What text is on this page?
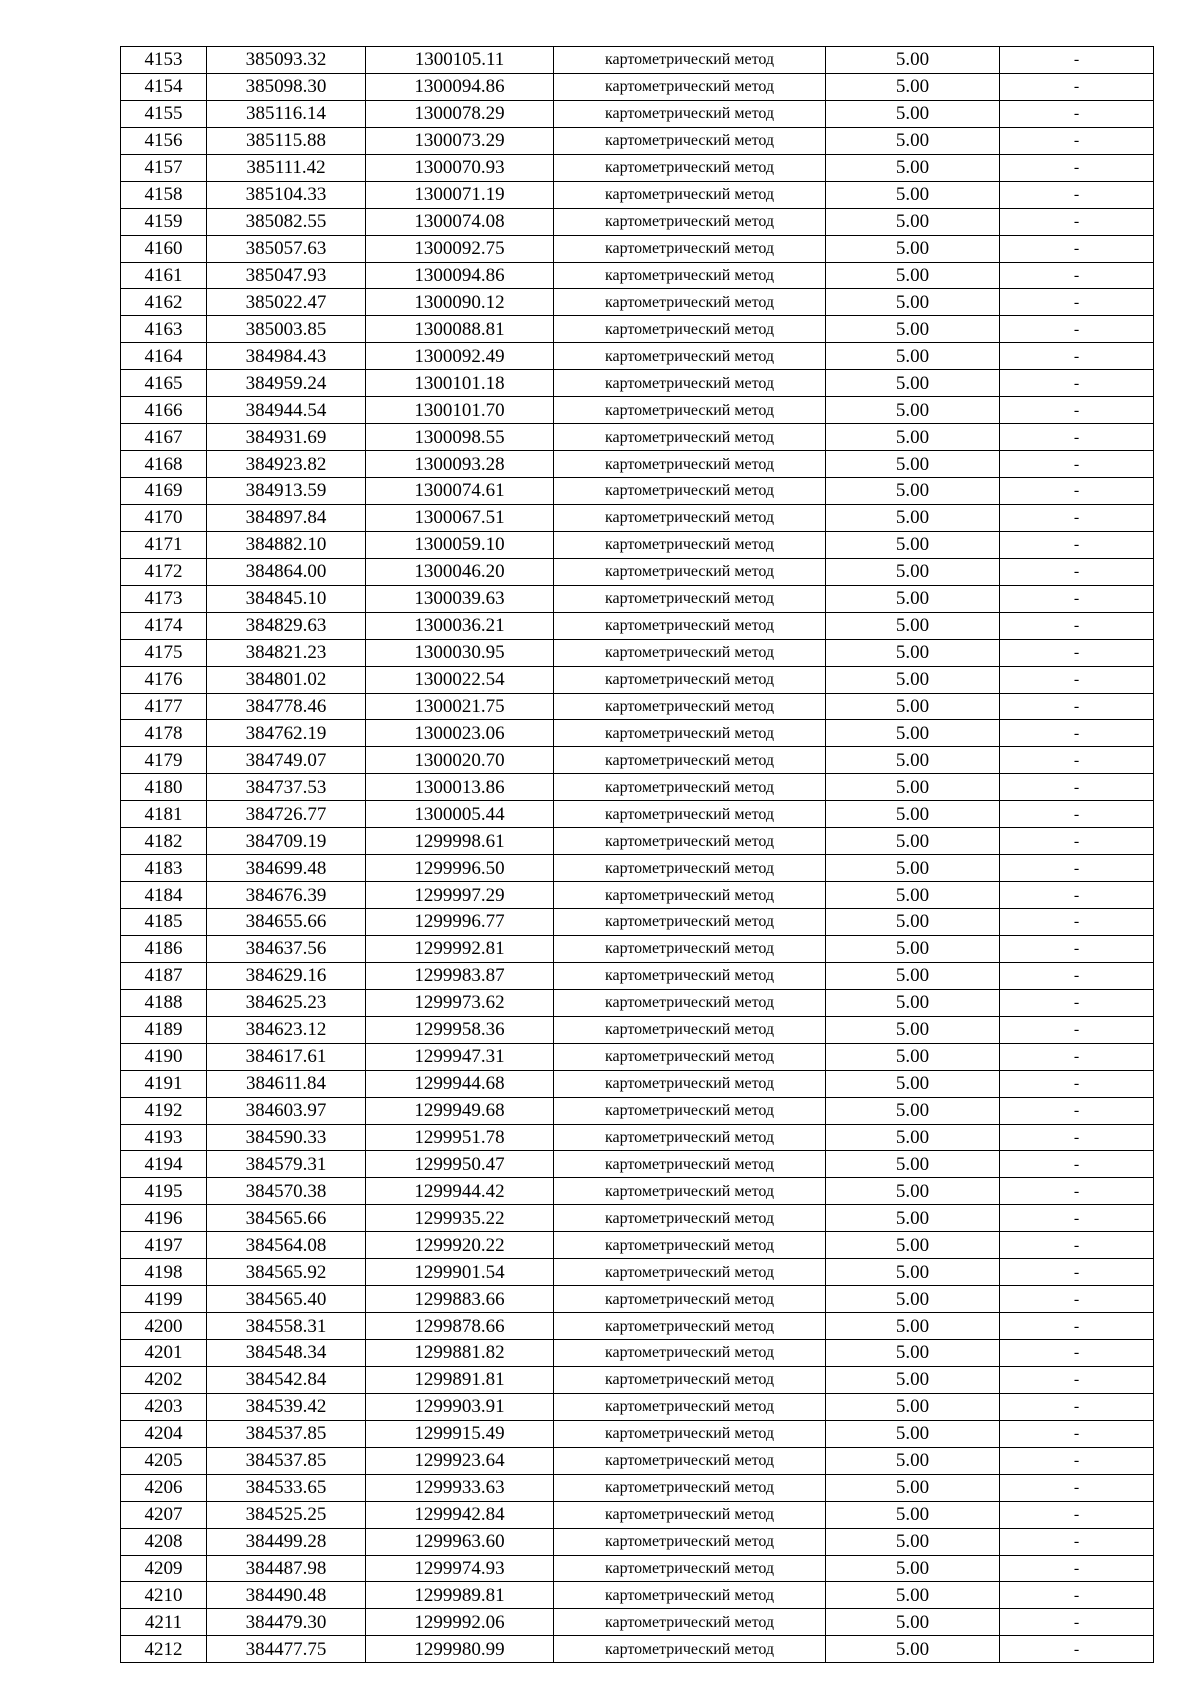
4153	385093.32	1300105.11	картометрический метод	5.00	-
4154	385098.30	1300094.86	картометрический метод	5.00	-
4155	385116.14	1300078.29	картометрический метод	5.00	-
4156	385115.88	1300073.29	картометрический метод	5.00	-
4157	385111.42	1300070.93	картометрический метод	5.00	-
4158	385104.33	1300071.19	картометрический метод	5.00	-
4159	385082.55	1300074.08	картометрический метод	5.00	-
4160	385057.63	1300092.75	картометрический метод	5.00	-
4161	385047.93	1300094.86	картометрический метод	5.00	-
4162	385022.47	1300090.12	картометрический метод	5.00	-
4163	385003.85	1300088.81	картометрический метод	5.00	-
4164	384984.43	1300092.49	картометрический метод	5.00	-
4165	384959.24	1300101.18	картометрический метод	5.00	-
4166	384944.54	1300101.70	картометрический метод	5.00	-
4167	384931.69	1300098.55	картометрический метод	5.00	-
4168	384923.82	1300093.28	картометрический метод	5.00	-
4169	384913.59	1300074.61	картометрический метод	5.00	-
4170	384897.84	1300067.51	картометрический метод	5.00	-
4171	384882.10	1300059.10	картометрический метод	5.00	-
4172	384864.00	1300046.20	картометрический метод	5.00	-
4173	384845.10	1300039.63	картометрический метод	5.00	-
4174	384829.63	1300036.21	картометрический метод	5.00	-
4175	384821.23	1300030.95	картометрический метод	5.00	-
4176	384801.02	1300022.54	картометрический метод	5.00	-
4177	384778.46	1300021.75	картометрический метод	5.00	-
4178	384762.19	1300023.06	картометрический метод	5.00	-
4179	384749.07	1300020.70	картометрический метод	5.00	-
4180	384737.53	1300013.86	картометрический метод	5.00	-
4181	384726.77	1300005.44	картометрический метод	5.00	-
4182	384709.19	1299998.61	картометрический метод	5.00	-
4183	384699.48	1299996.50	картометрический метод	5.00	-
4184	384676.39	1299997.29	картометрический метод	5.00	-
4185	384655.66	1299996.77	картометрический метод	5.00	-
4186	384637.56	1299992.81	картометрический метод	5.00	-
4187	384629.16	1299983.87	картометрический метод	5.00	-
4188	384625.23	1299973.62	картометрический метод	5.00	-
4189	384623.12	1299958.36	картометрический метод	5.00	-
4190	384617.61	1299947.31	картометрический метод	5.00	-
4191	384611.84	1299944.68	картометрический метод	5.00	-
4192	384603.97	1299949.68	картометрический метод	5.00	-
4193	384590.33	1299951.78	картометрический метод	5.00	-
4194	384579.31	1299950.47	картометрический метод	5.00	-
4195	384570.38	1299944.42	картометрический метод	5.00	-
4196	384565.66	1299935.22	картометрический метод	5.00	-
4197	384564.08	1299920.22	картометрический метод	5.00	-
4198	384565.92	1299901.54	картометрический метод	5.00	-
4199	384565.40	1299883.66	картометрический метод	5.00	-
4200	384558.31	1299878.66	картометрический метод	5.00	-
4201	384548.34	1299881.82	картометрический метод	5.00	-
4202	384542.84	1299891.81	картометрический метод	5.00	-
4203	384539.42	1299903.91	картометрический метод	5.00	-
4204	384537.85	1299915.49	картометрический метод	5.00	-
4205	384537.85	1299923.64	картометрический метод	5.00	-
4206	384533.65	1299933.63	картометрический метод	5.00	-
4207	384525.25	1299942.84	картометрический метод	5.00	-
4208	384499.28	1299963.60	картометрический метод	5.00	-
4209	384487.98	1299974.93	картометрический метод	5.00	-
4210	384490.48	1299989.81	картометрический метод	5.00	-
4211	384479.30	1299992.06	картометрический метод	5.00	-
4212	384477.75	1299980.99	картометрический метод	5.00	-
